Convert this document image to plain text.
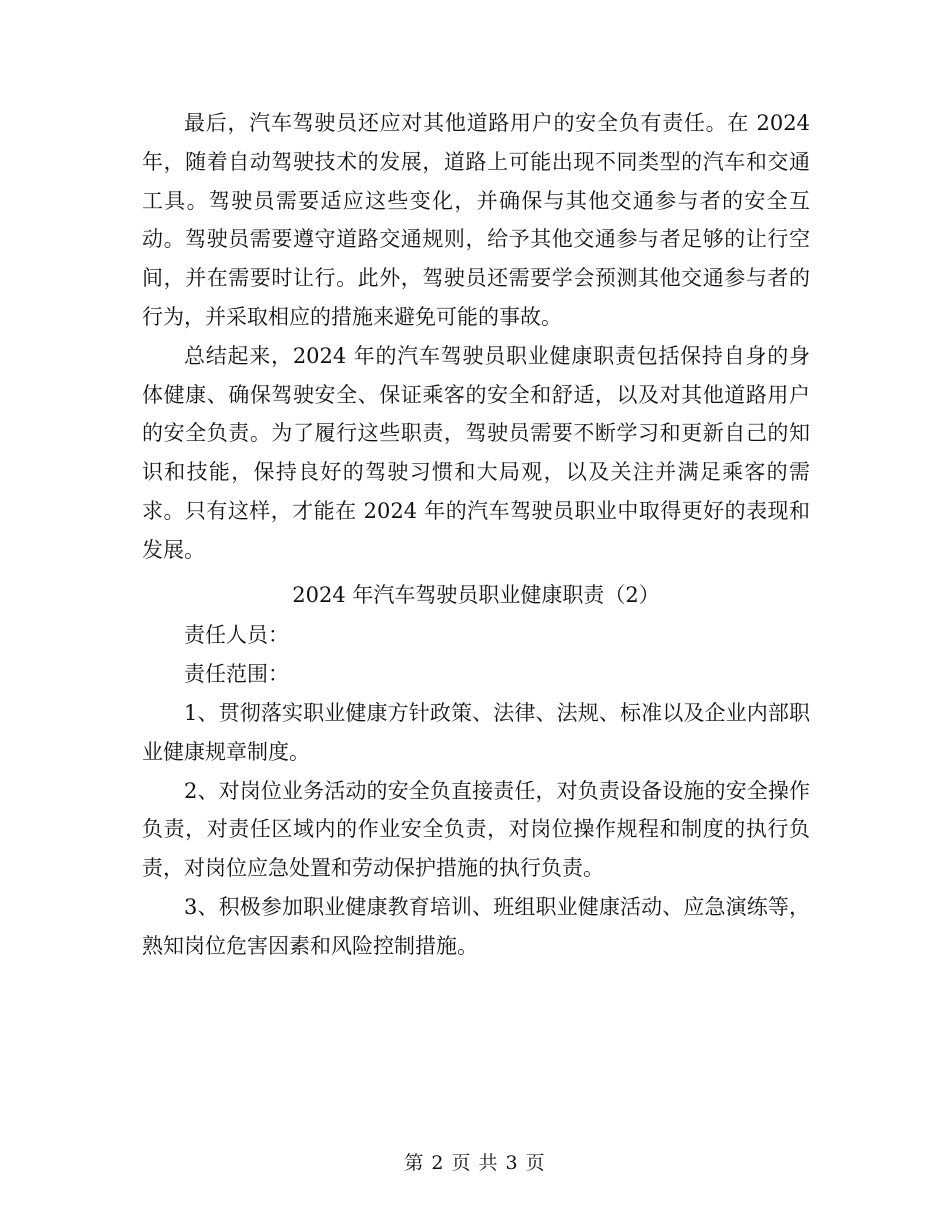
最后，汽车驾驶员还应对其他道路用户的安全负有责任。在 2024 年，随着自动驾驶技术的发展，道路上可能出现不同类型的汽车和交通工具。驾驶员需要适应这些变化，并确保与其他交通参与者的安全互动。驾驶员需要遵守道路交通规则，给予其他交通参与者足够的让行空间，并在需要时让行。此外，驾驶员还需要学会预测其他交通参与者的行为，并采取相应的措施来避免可能的事故。

总结起来，2024 年的汽车驾驶员职业健康职责包括保持自身的身体健康、确保驾驶安全、保证乘客的安全和舒适，以及对其他道路用户的安全负责。为了履行这些职责，驾驶员需要不断学习和更新自己的知识和技能，保持良好的驾驶习惯和大局观，以及关注并满足乘客的需求。只有这样，才能在 2024 年的汽车驾驶员职业中取得更好的表现和发展。

2024 年汽车驾驶员职业健康职责（2）

责任人员：

责任范围：

1、贯彻落实职业健康方针政策、法律、法规、标准以及企业内部职业健康规章制度。

2、对岗位业务活动的安全负直接责任，对负责设备设施的安全操作负责，对责任区域内的作业安全负责，对岗位操作规程和制度的执行负责，对岗位应急处置和劳动保护措施的执行负责。

3、积极参加职业健康教育培训、班组职业健康活动、应急演练等，熟知岗位危害因素和风险控制措施。

第 2 页 共 3 页
